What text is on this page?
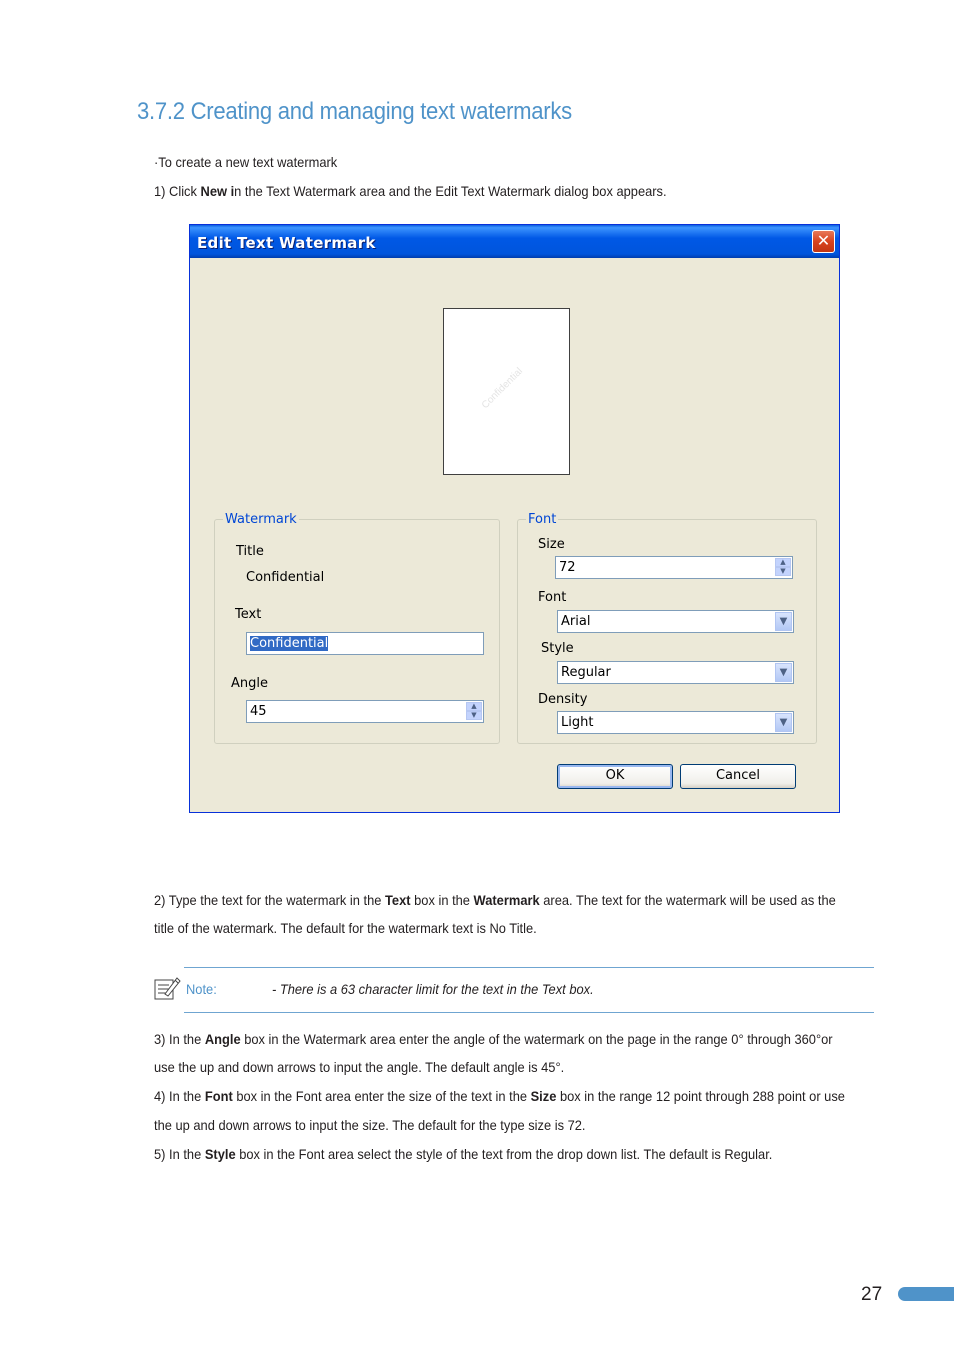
3.7.2 Creating and managing text watermarks
·To create a new text watermark
1) Click New in the Text Watermark area and the Edit Text Watermark dialog box appears.
Edit Text Watermark	✕
Confidential
Watermark
Title
Confidential
Text
Confidential
Angle
45	▲
▼
Font
Size
72	▲
▼
Font
Arial	▼
Style
Regular	▼
Density
Light	▼
OK	Cancel
2) Type the text for the watermark in the Text box in the Watermark area. The text for the watermark will be used as the
title of the watermark. The default for the watermark text is No Title.
Note:	- There is a 63 character limit for the text in the Text box.
3) In the Angle box in the Watermark area enter the angle of the watermark on the page in the range 0° through 360°or
use the up and down arrows to input the angle. The default angle is 45°.
4) In the Font box in the Font area enter the size of the text in the Size box in the range 12 point through 288 point or use
the up and down arrows to input the size. The default for the type size is 72.
5) In the Style box in the Font area select the style of the text from the drop down list. The default is Regular.
27
